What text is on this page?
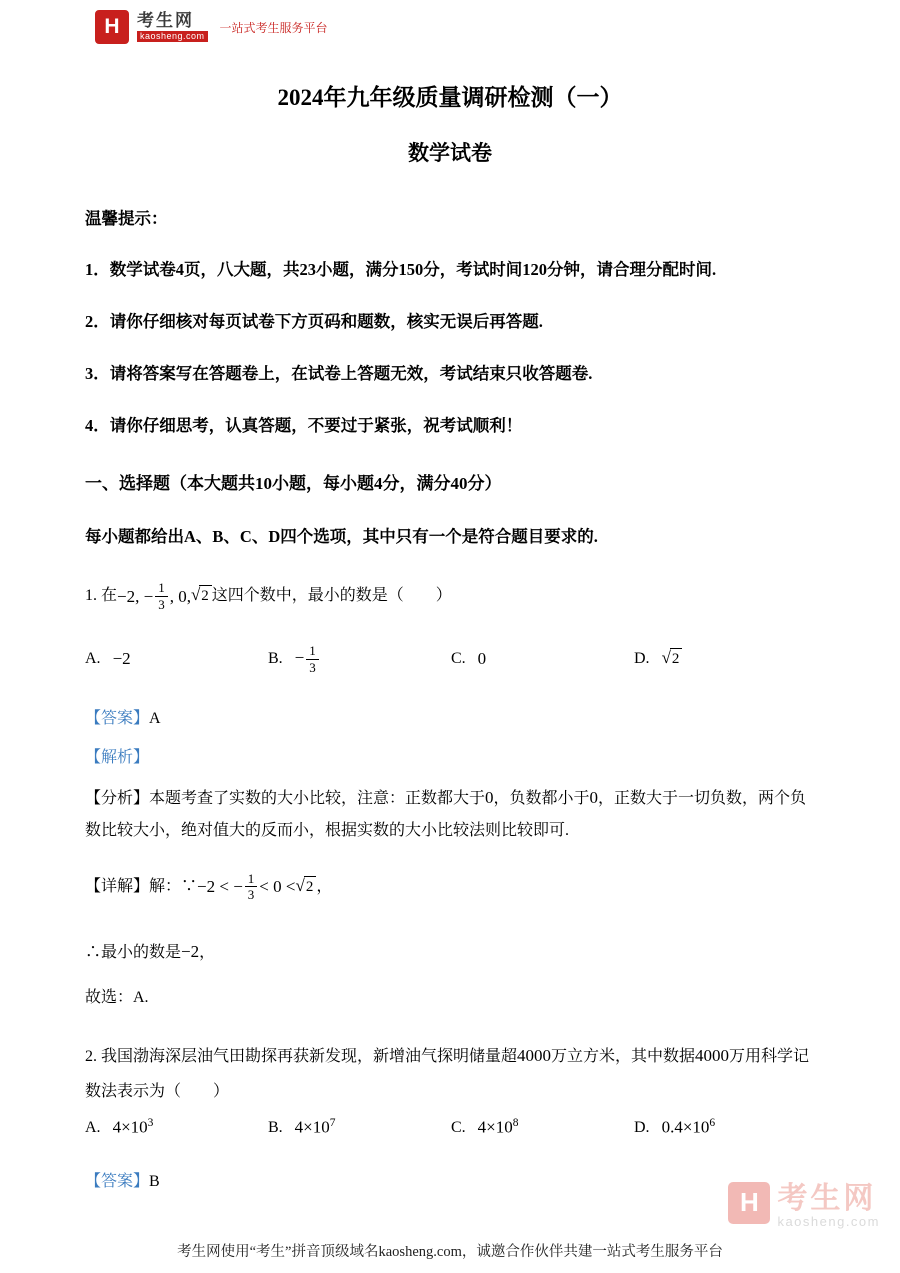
H	考生网
kaosheng.com
一站式考生服务平台
2024年九年级质量调研检测（一）
数学试卷

温馨提示：

1．数学试卷4页，八大题，共23小题，满分150分，考试时间120分钟，请合理分配时间.

2．请你仔细核对每页试卷下方页码和题数，核实无误后再答题.

3．请将答案写在答题卷上，在试卷上答题无效，考试结束只收答题卷.

4．请你仔细思考，认真答题，不要过于紧张，祝考试顺利！

一、选择题（本大题共10小题，每小题4分，满分40分）

每小题都给出A、B、C、D四个选项，其中只有一个是符合题目要求的.

1. 在 −2, − $\frac{1}{3}$ , 0, √ 2 这四个数中，最小的数是（　　）
A. −2	B. − $\frac{1}{3}$	C. 0	D. √ 2

【答案】A

【解析】

【分析】本题考查了实数的大小比较，注意：正数都大于0，负数都小于0，正数大于一切负数，两个负数比较大小，绝对值大的反而小，根据实数的大小比较法则比较即可.

【详解】解：∵ −2 < − $\frac{1}{3} < 0$ < √ 2 ，

∴最小的数是−2，

故选：A.

2. 我国渤海深层油气田勘探再获新发现，新增油气探明储量超4000万立方米，其中数据4000万用科学记数法表示为（　　）

A. $4\times 10^3$	B. $4\times 10^7$	C. $4\times 10^8$	D. $0.4\times 10^6$

【答案】B

H 考生网
kaosheng.com
考生网使用“考生”拼音顶级域名kaosheng.com，诚邀合作伙伴共建一站式考生服务平台
